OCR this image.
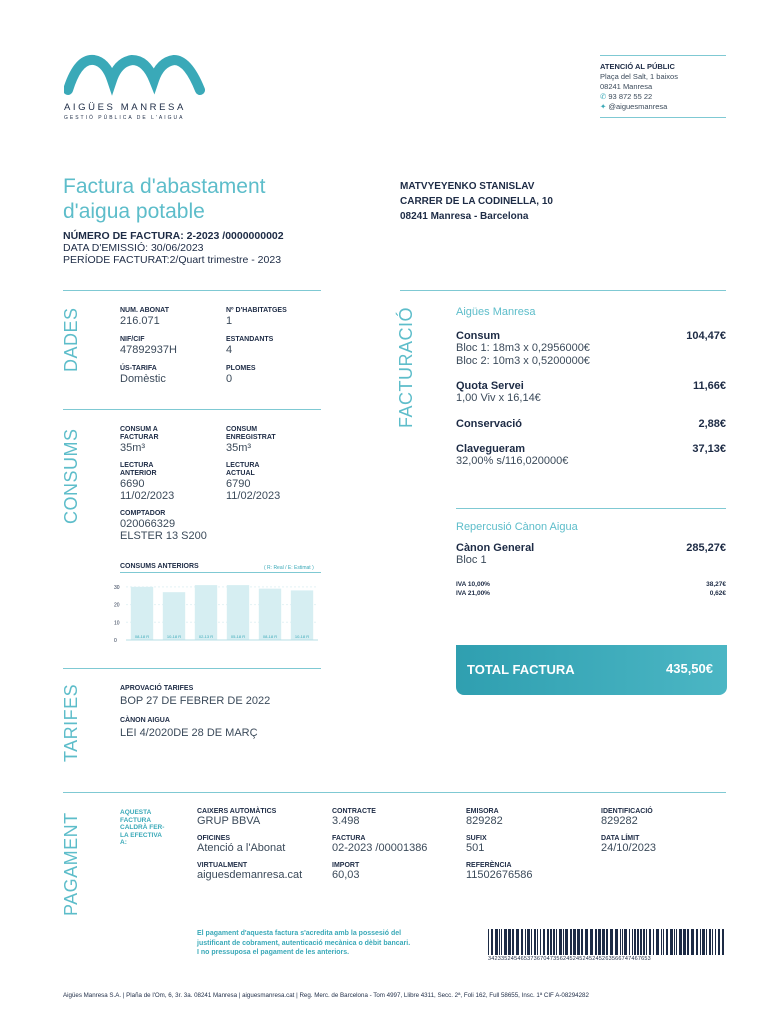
AIGÜES MANRESA
GESTIÓ PÚBLICA DE L'AIGUA
ATENCIÓ AL PÚBLIC
Plaça del Salt, 1 baixos
08241 Manresa
✆ 93 872 55 22
✦ @aiguesmanresa
Factura d'abastament
d'aigua potable
NÚMERO DE FACTURA: 2-2023 /0000000002
DATA D'EMISSIÓ: 30/06/2023
PERÍODE FACTURAT:2/Quart trimestre - 2023
MATVYEYENKO STANISLAV
CARRER DE LA CODINELLA, 10
08241 Manresa - Barcelona
DADES	NUM. ABONAT
216.071
Nº D'HABITATGES
1
NIF/CIF
47892937H
ESTANDANTS
4
ÚS-TARIFA
Domèstic
PLOMES
0
CONSUMS	CONSUM A
FACTURAR
35m³
CONSUM
ENREGISTRAT
35m³
LECTURA
ANTERIOR
6690
11/02/2023
LECTURA
ACTUAL
6790
11/02/2023
COMPTADOR
020066329
ELSTER 13 S200
CONSUMS ANTERIORS	( R: Real / E: Estimat )
30
20
10
0
08-18 R	10-18 R	02-13 R	05-18 R	08-18 R	10-18 R
TARIFES	APROVACIÓ TARIFES
BOP 27 DE FEBRER DE 2022
CÀNON AIGUA
LEI 4/2020DE 28 DE MARÇ
FACTURACIÓ	Aigües Manresa
Consum	104,47€
Bloc 1: 18m3 x 0,2956000€
Bloc 2: 10m3 x 0,5200000€
Quota Servei	11,66€
1,00 Viv x 16,14€
Conservació	2,88€
Clavegueram	37,13€
32,00% s/116,020000€
Repercusió Cànon Aigua
Cànon General	285,27€
Bloc 1
IVA 10,00%	38,27€
IVA 21,00%	0,62€
TOTAL FACTURA	435,50€
PAGAMENT	AQUESTA FACTURA CALDRÀ FER-LA EFECTIVA A:
CAIXERS AUTOMÀTICS
GRUP BBVA
OFICINES
Atenció a l'Abonat
VIRTUALMENT
aiguesdemanresa.cat
CONTRACTE
3.498
FACTURA
02-2023 /00001386
IMPORT
60,03
EMISORA
829282
SUFIX
501
REFERÈNCIA
11502676586
IDENTIFICACIÓ
829282
DATA LÍMIT
24/10/2023
El pagament d'aquesta factura s'acredita amb la possesió del
justificant de cobrament, autenticació mecànica o dèbit bancari.
I no pressuposa el pagament de les anteriors.
34233524546537367047356245245245245263566747467653
Aigües Manresa S.A. | Plaña de l'Om, 6, 3r. 3a. 08241 Manresa | aiguesmanresa.cat | Reg. Merc. de Barcelona - Tom 4997, Llibre 4311, Secc. 2ª, Foli 162, Full 58655, Insc. 1ª CIF A-08294282
